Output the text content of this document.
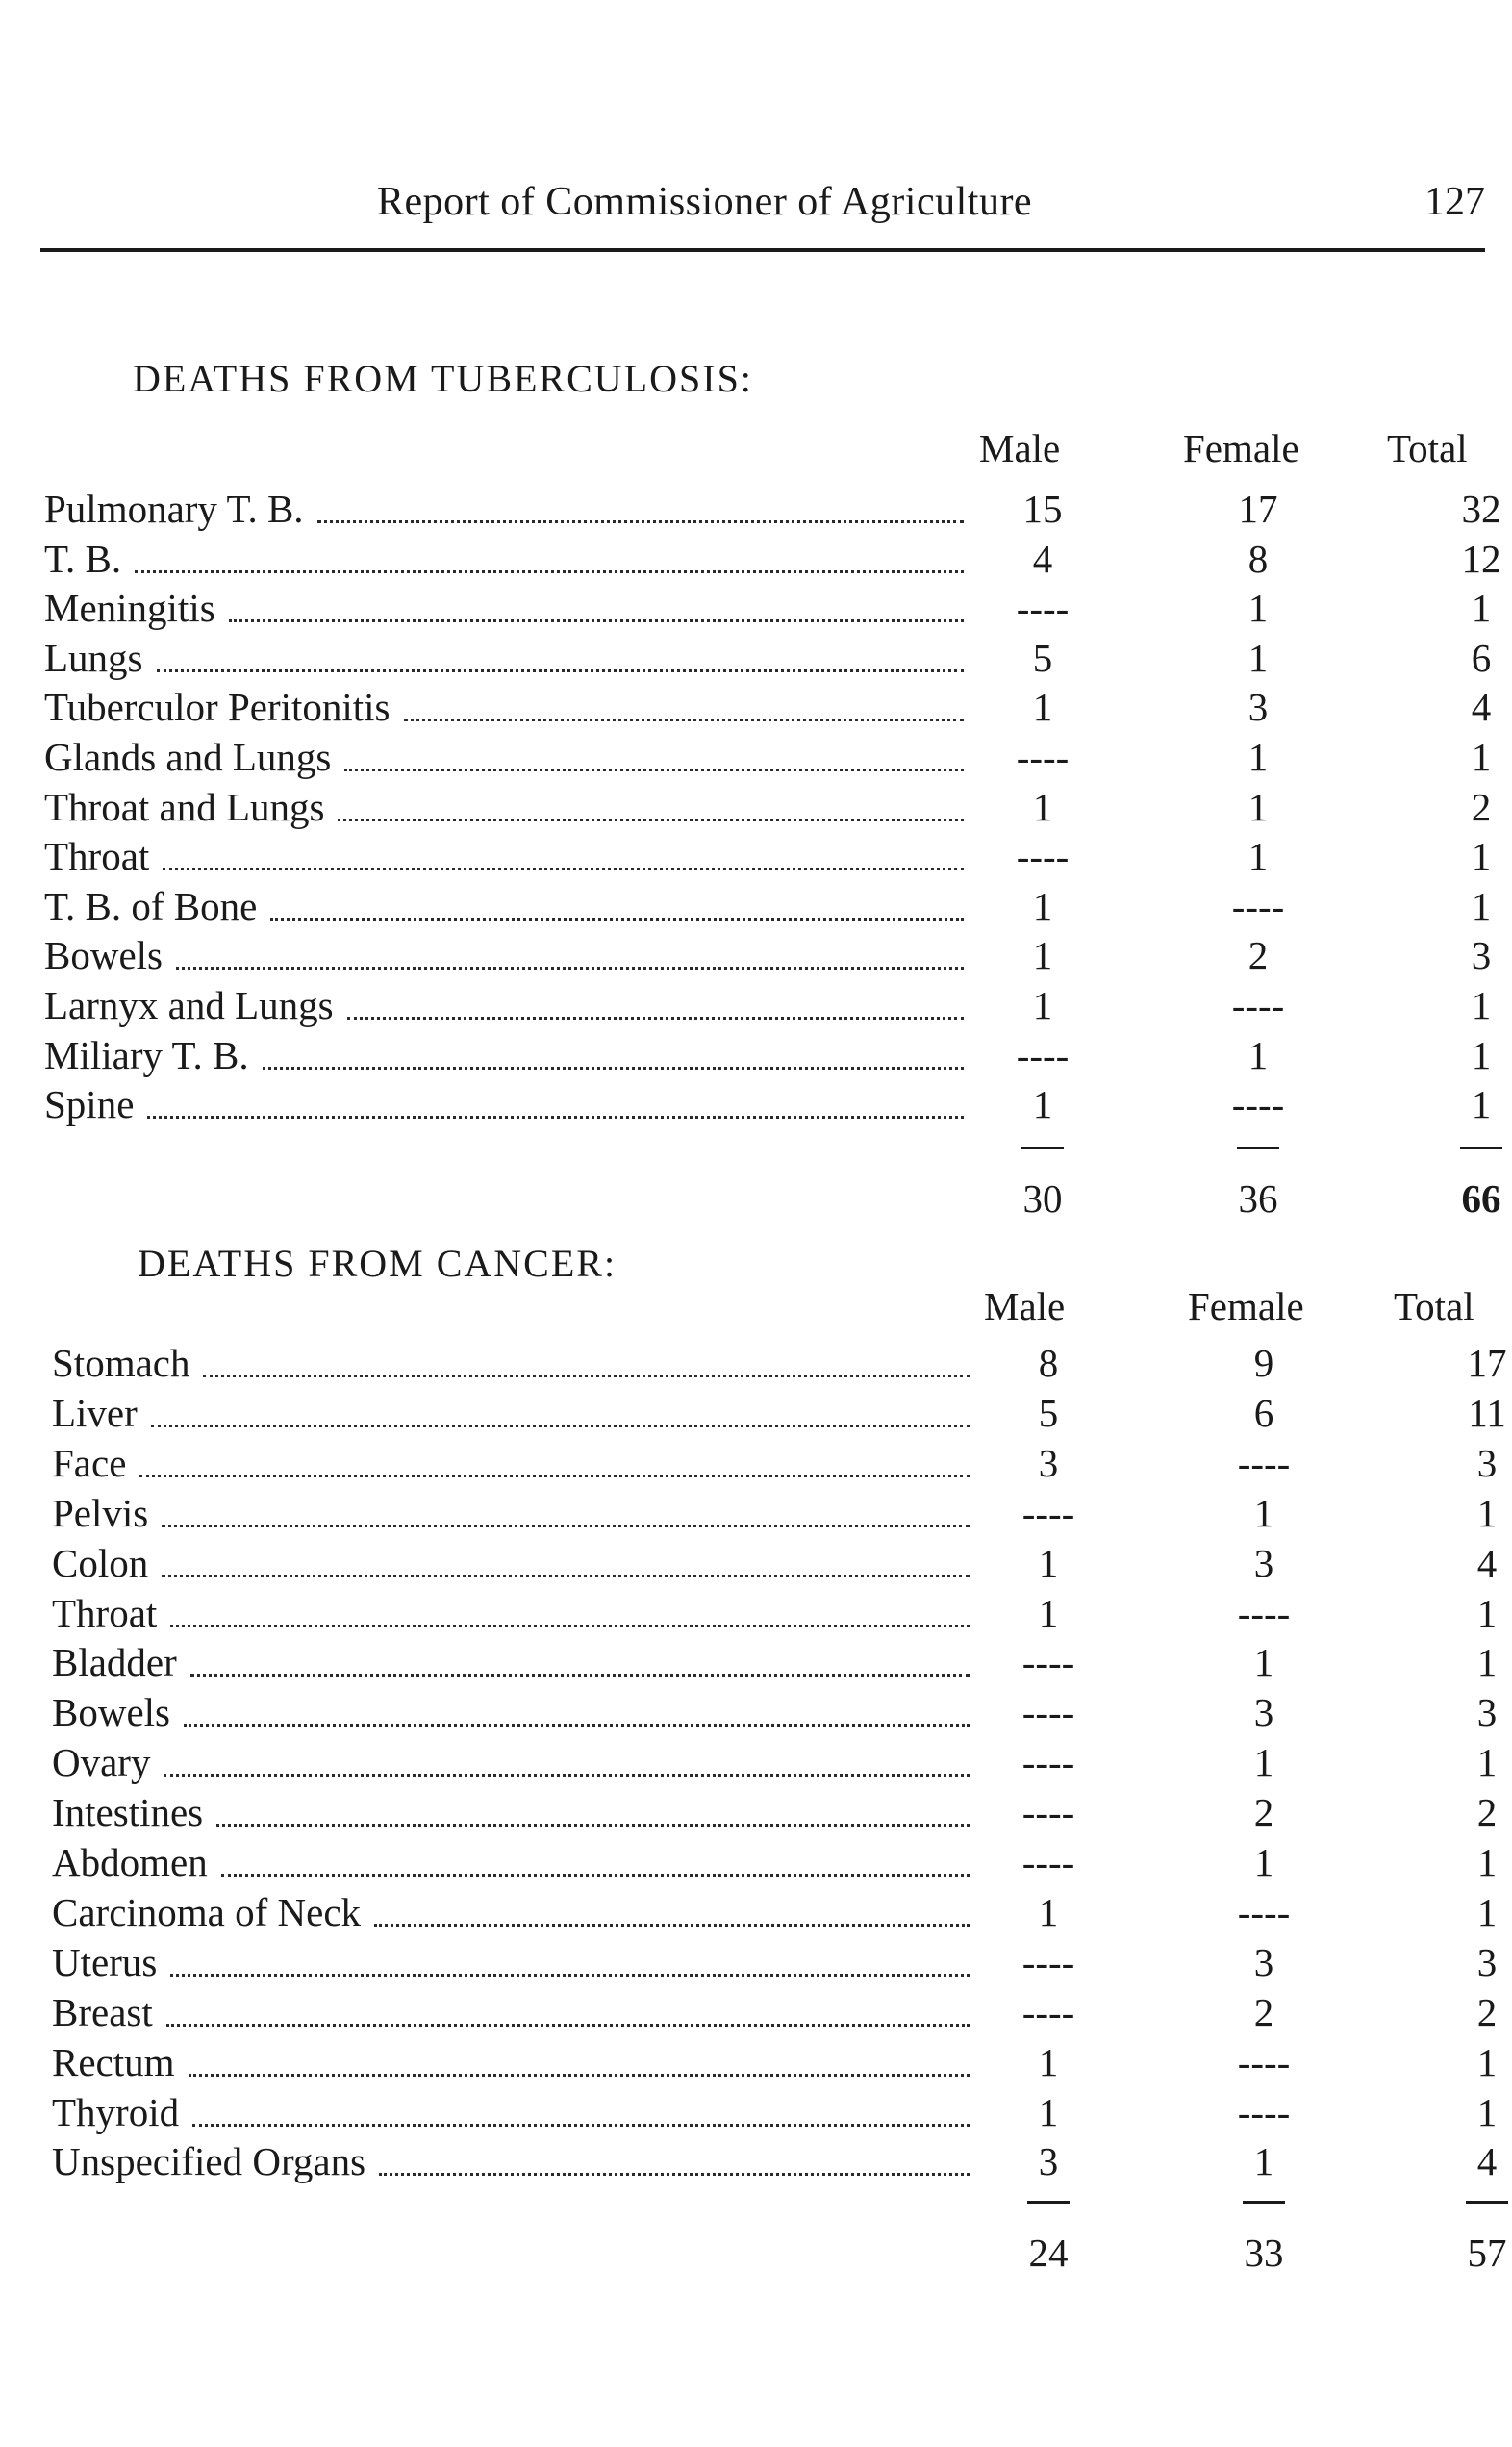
Report of Commissioner of Agriculture	127
DEATHS FROM TUBERCULOSIS:
Male	Female Total
Pulmonary T. B.	15	17	32
T. B.	4	8	12
Meningitis	----	1	1
Lungs	5	1	6
Tuberculor Peritonitis	1	3	4
Glands and Lungs	----	1	1
Throat and Lungs	1	1	2
Throat	----	1	1
T. B. of Bone	1	----	1
Bowels	1	2	3
Larnyx and Lungs	1	----	1
Miliary T. B.	----	1	1
Spine	1	----	1
30	36	66
DEATHS FROM CANCER:
Male	Female Total
Stomach	8	9	17
Liver	5	6	11
Face	3	----	3
Pelvis	----	1	1
Colon	1	3	4
Throat	1	----	1
Bladder	----	1	1
Bowels	----	3	3
Ovary	----	1	1
Intestines	----	2	2
Abdomen	----	1	1
Carcinoma of Neck	1	----	1
Uterus	----	3	3
Breast	----	2	2
Rectum	1	----	1
Thyroid	1	----	1
Unspecified Organs	3	1	4
24	33	57
